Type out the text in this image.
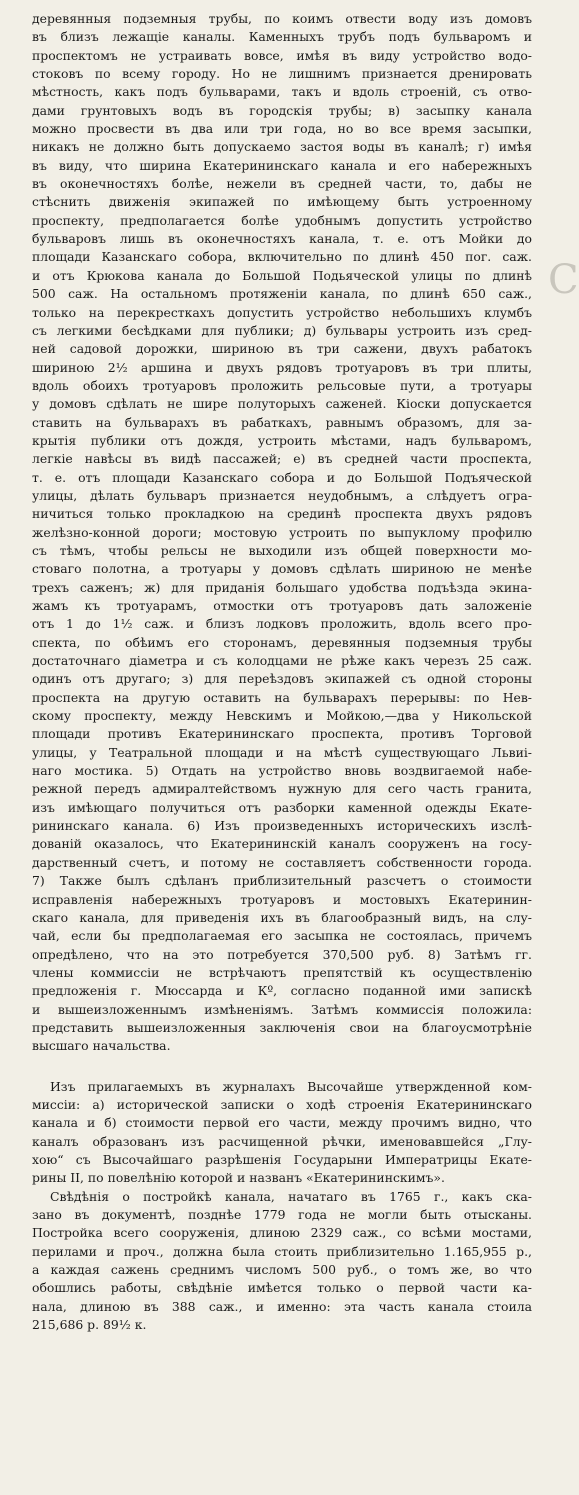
деревянныя подземныя трубы, по коимъ отвести воду изъ домовъ
въ близъ лежащіе каналы. Каменныхъ трубъ подъ бульваромъ и
проспектомъ не устраивать вовсе, имѣя въ виду устройство водо-
стоковъ по всему городу. Но не лишнимъ признается дренировать
мѣстность, какъ подъ бульварами, такъ и вдоль строеній, съ отво-
дами грунтовыхъ водъ въ городскія трубы; в) засыпку канала
можно просвести въ два или три года, но во все время засыпки,
никакъ не должно быть допускаемо застоя воды въ каналѣ; г) имѣя
въ виду, что ширина Екатерининскаго канала и его набережныхъ
въ оконечностяхъ болѣе, нежели въ средней части, то, дабы не
стѣснить движенія экипажей по имѣющему быть устроенному
проспекту, предполагается болѣе удобнымъ допустить устройство
бульваровъ лишь въ оконечностяхъ канала, т. е. отъ Мойки до
площади Казанскаго собора, включительно по длинѣ 450 пог. саж.
и отъ Крюкова канала до Большой Подьяческой улицы по длинѣ
500 саж. На остальномъ протяженіи канала, по длинѣ 650 саж.,
только на перекресткахъ допустить устройство небольшихъ клумбъ
съ легкими бесѣдками для публики; д) бульвары устроить изъ сред-
ней садовой дорожки, шириною въ три сажени, двухъ рабатокъ
шириною 2½ аршина и двухъ рядовъ тротуаровъ въ три плиты,
вдоль обоихъ тротуаровъ проложить рельсовые пути, а тротуары
у домовъ сдѣлать не шире полуторыхъ саженей. Кіоски допускается
ставить на бульварахъ въ рабаткахъ, равнымъ образомъ, для за-
крытія публики отъ дождя, устроить мѣстами, надъ бульваромъ,
легкіе навѣсы въ видѣ пассажей; е) въ средней части проспекта,
т. е. отъ площади Казанскаго собора и до Большой Подъяческой
улицы, дѣлать бульваръ признается неудобнымъ, а слѣдуетъ огра-
ничиться только прокладкою на срединѣ проспекта двухъ рядовъ
желѣзно-конной дороги; мостовую устроить по выпуклому профилю
съ тѣмъ, чтобы рельсы не выходили изъ общей поверхности мо-
стоваго полотна, а тротуары у домовъ сдѣлать шириною не менѣе
трехъ саженъ; ж) для приданія большаго удобства подъѣзда экина-
жамъ къ тротуарамъ, отмостки отъ тротуаровъ дать заложеніе
отъ 1 до 1½ саж. и близъ лодковъ проложить, вдоль всего про-
спекта, по обѣимъ его сторонамъ, деревянныя подземныя трубы
достаточнаго діаметра и съ колодцами не рѣже какъ черезъ 25 саж.
одинъ отъ другаго; з) для переѣздовъ экипажей съ одной стороны
проспекта на другую оставить на бульварахъ перерывы: по Нев-
скому проспекту, между Невскимъ и Мойкою,—два у Никольской
площади противъ Екатерининскаго проспекта, противъ Торговой
улицы, у Театральной площади и на мѣстѣ существующаго Львиi-
наго мостика. 5) Отдать на устройство вновь воздвигаемой набе-
режной передъ адмиралтействомъ нужную для сего часть гранита,
изъ имѣющаго получиться отъ разборки каменной одежды Екате-
рининскаго канала. 6) Изъ произведенныхъ историческихъ изслѣ-
дованій оказалось, что Екатерининскій каналъ сооруженъ на госу-
дарственный счетъ, и потому не составляетъ собственности города.
7) Также былъ сдѣланъ приблизительный разсчетъ о стоимости
исправленія набережныхъ тротуаровъ и мостовыхъ Екатеринин-
скаго канала, для приведенія ихъ въ благообразный видъ, на слу-
чай, если бы предполагаемая его засыпка не состоялась, причемъ
опредѣлено, что на это потребуется 370,500 руб. 8) Затѣмъ гг.
члены коммиссіи не встрѣчаютъ препятствій къ осуществленію
предложенія г. Мюссарда и Кº, согласно поданной ими запискѣ
и вышеизложеннымъ измѣненіямъ. Затѣмъ коммиссія положила:
представить вышеизложенныя заключенія свои на благоусмотрѣніе
высшаго начальства.
Изъ прилагаемыхъ въ журналахъ Высочайше утвержденной ком-
миссіи: а) исторической записки о ходѣ строенія Екатерининскаго
канала и б) стоимости первой его части, между прочимъ видно, что
каналъ образованъ изъ расчищенной рѣчки, именовавшейся „Глу-
хою“ съ Высочайшаго разрѣшенія Государыни Императрицы Екате-
рины II, по повелѣнію которой и названъ «Екатерининскимъ».
Свѣдѣнія о постройкѣ канала, начатаго въ 1765 г., какъ ска-
зано въ документѣ, позднѣе 1779 года не могли быть отысканы.
Постройка всего сооруженія, длиною 2329 саж., со всѣми мостами,
перилами и проч., должна была стоить приблизительно 1.165,955 р.,
а каждая сажень среднимъ числомъ 500 руб., о томъ же, во что
обошлись работы, свѣдѣніе имѣется только о первой части ка-
нала, длиною въ 388 саж., и именно: эта часть канала стоила
215,686 р. 89½ к.
С
